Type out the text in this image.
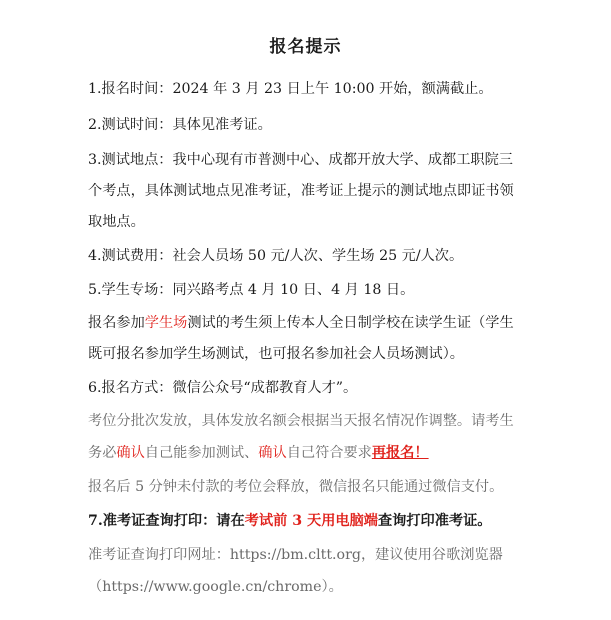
报名提示
1.报名时间：2024 年 3 月 23 日上午 10:00 开始，额满截止。
2.测试时间：具体见准考证。
3.测试地点：我中心现有市普测中心、成都开放大学、成都工职院三
个考点，具体测试地点见准考证，准考证上提示的测试地点即证书领
取地点。
4.测试费用：社会人员场 50 元/人次、学生场 25 元/人次。
5.学生专场：同兴路考点 4 月 10 日、4 月 18 日。
报名参加学生场测试的考生须上传本人全日制学校在读学生证（学生
既可报名参加学生场测试，也可报名参加社会人员场测试）。
6.报名方式：微信公众号“成都教育人才”。
考位分批次发放，具体发放名额会根据当天报名情况作调整。请考生
务必确认自己能参加测试、确认自己符合要求再报名！
报名后 5 分钟未付款的考位会释放，微信报名只能通过微信支付。
7.准考证查询打印：请在考试前 3 天用电脑端查询打印准考证。
准考证查询打印网址：https://bm.cltt.org，建议使用谷歌浏览器
（https://www.google.cn/chrome）。
